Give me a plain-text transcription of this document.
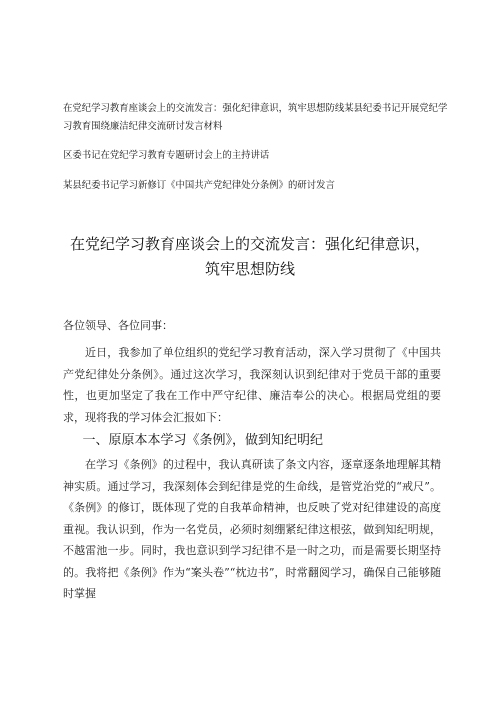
在党纪学习教育座谈会上的交流发言：强化纪律意识，筑牢思想防线某县纪委书记开展党纪学习教育围绕廉洁纪律交流研讨发言材料

区委书记在党纪学习教育专题研讨会上的主持讲话

某县纪委书记学习新修订《中国共产党纪律处分条例》的研讨发言

在党纪学习教育座谈会上的交流发言：强化纪律意识，
筑牢思想防线

各位领导、各位同事：

近日，我参加了单位组织的党纪学习教育活动，深入学习贯彻了《中国共产党纪律处分条例》。通过这次学习，我深刻认识到纪律对于党员干部的重要性，也更加坚定了我在工作中严守纪律、廉洁奉公的决心。根据局党组的要求，现将我的学习体会汇报如下：

一、原原本本学习《条例》，做到知纪明纪

在学习《条例》的过程中，我认真研读了条文内容，逐章逐条地理解其精神实质。通过学习，我深刻体会到纪律是党的生命线，是管党治党的“戒尺”。《条例》的修订，既体现了党的自我革命精神，也反映了党对纪律建设的高度重视。我认识到，作为一名党员，必须时刻绷紧纪律这根弦，做到知纪明规，不越雷池一步。同时，我也意识到学习纪律不是一时之功，而是需要长期坚持的。我将把《条例》作为“案头卷”“枕边书”，时常翻阅学习，确保自己能够随时掌握
